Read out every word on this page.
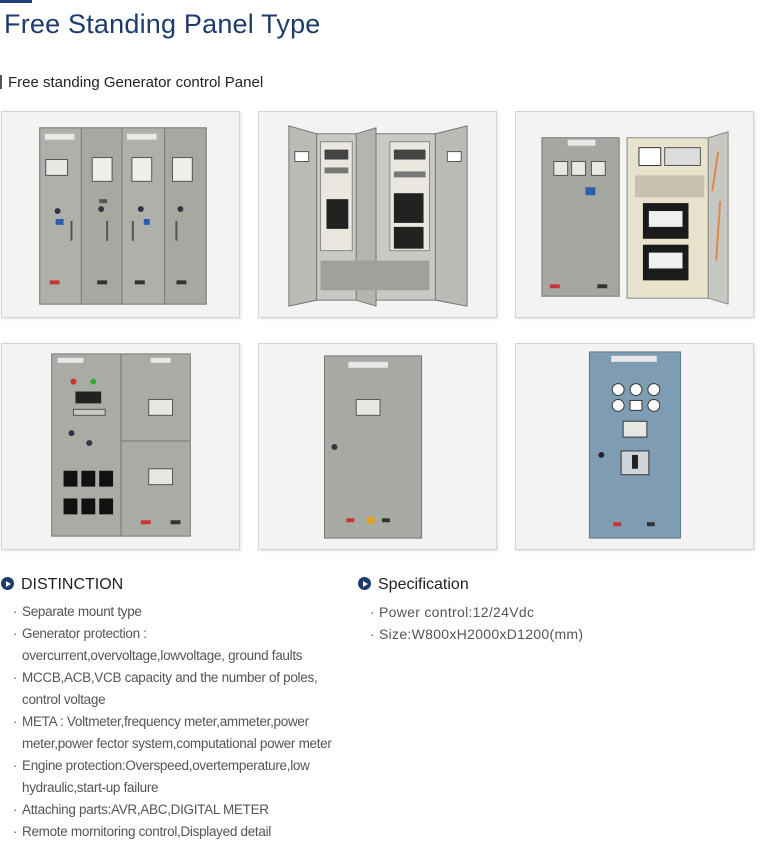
Free Standing Panel Type
Free standing Generator control Panel
DISTINCTION
· Separate mount type
· Generator protection :
overcurrent,overvoltage,lowvoltage, ground faults
· MCCB,ACB,VCB capacity and the number of poles,
control voltage
· META : Voltmeter,frequency meter,ammeter,power
meter,power fector system,computational power meter
· Engine protection:Overspeed,overtemperature,low
hydraulic,start-up failure
· Attaching parts:AVR,ABC,DIGITAL METER
· Remote mornitoring control,Displayed detail
Specification
· Power control:12/24Vdc
· Size:W800xH2000xD1200(mm)
